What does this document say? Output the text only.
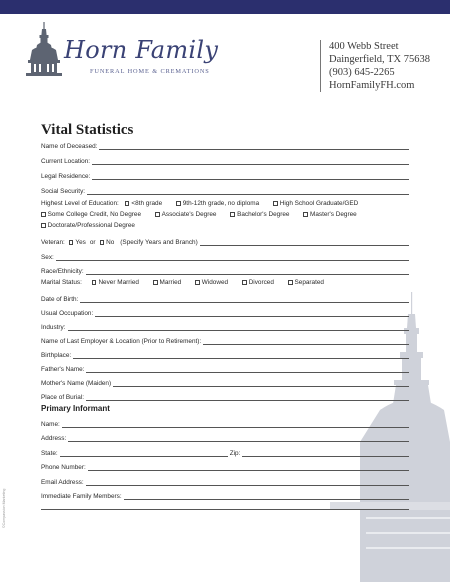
Horn Family
FUNERAL HOME & CREMATIONS
400 Webb Street
Daingerfield, TX 75638
(903) 645-2265
HornFamilyFH.com
Vital Statistics
Name of Deceased:
Current Location:
Legal Residence:
Social Security:
Highest Level of Education: <8th grade	9th-12th grade, no diploma	High School Graduate/GED
Some College Credit, No Degree	Associate's Degree	Bachelor's Degree	Master's Degree
Doctorate/Professional Degree
Veteran: Yes or No (Specify Years and Branch)
Sex:
Race/Ethnicity:
Marital Status:	Never Married	Married	Widowed	Divorced	Separated
Date of Birth:
Usual Occupation:
Industry:
Name of Last Employer & Location (Prior to Retirement):
Birthplace:
Father's Name:
Mother's Name (Maiden)
Place of Burial:
Primary Informant
Name:
Address:
State:	Zip:
Phone Number:
Email Address:
Immediate Family Members:
©Compassion Marketing
